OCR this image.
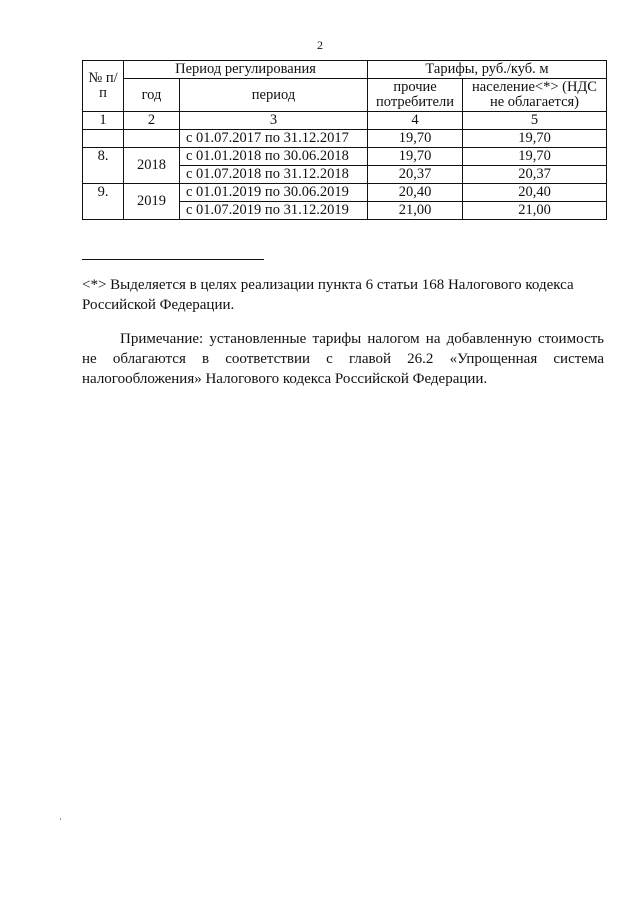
2
№ п/п	Период регулирования		Тарифы, руб./куб. м	
	год	период	прочие потребители	население<*> (НДС не облагается)
1	2	3	4	5
		с 01.07.2017 по 31.12.2017	19,70	19,70
8.	2018	с 01.01.2018 по 30.06.2018	19,70	19,70
		с 01.07.2018 по 31.12.2018	20,37	20,37
9.	2019	с 01.01.2019 по 30.06.2019	20,40	20,40
		с 01.07.2019 по 31.12.2019	21,00	21,00
<*> Выделяется в целях реализации пункта 6 статьи 168 Налогового кодекса Российской Федерации.
Примечание: установленные тарифы налогом на добавленную стоимость не облагаются в соответствии с главой 26.2 «Упрощенная система налогообложения» Налогового кодекса Российской Федерации.
